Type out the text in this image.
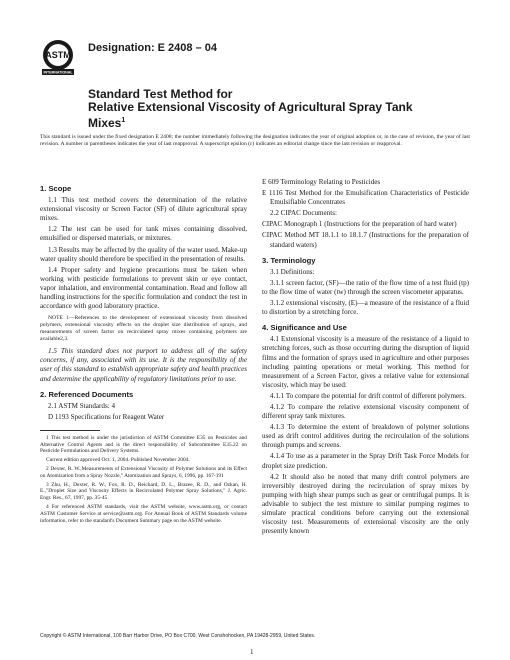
ASTM
INTERNATIONAL
Designation: E 2408 – 04
Standard Test Method for
Relative Extensional Viscosity of Agricultural Spray Tank
Mixes$^1$
This standard is issued under the fixed designation E 2408; the number immediately following the designation indicates the year of original adoption or, in the case of revision, the year of last revision. A number in parentheses indicates the year of last reapproval. A superscript epsilon (ε) indicates an editorial change since the last revision or reapproval.
1. Scope

1.1 This test method covers the determination of the relative extensional viscosity or Screen Factor (SF) of dilute agricultural spray mixes.

1.2 The test can be used for tank mixes containing dissolved, emulsified or dispersed materials, or mixtures.

1.3 Results may be affected by the quality of the water used. Make-up water quality should therefore be specified in the presentation of results.

1.4 Proper safety and hygiene precautions must be taken when working with pesticide formulations to prevent skin or eye contact, vapor inhalation, and environmental contamination. Read and follow all handling instructions for the specific formulation and conduct the test in accordance with good laboratory practice.

NOTE 1—References to the development of extensional viscosity from dissolved polymers, extensional viscosity effects on the droplet size distribution of sprays, and measurements of screen factor on recirculated spray mixes containing polymers are available2,3.

1.5 This standard does not purport to address all of the safety concerns, if any, associated with its use. It is the responsibility of the user of this standard to establish appropriate safety and health practices and determine the applicability of regulatory limitations prior to use.

2. Referenced Documents

2.1 ASTM Standards: 4

D 1193 Specifications for Reagent Water

1 This test method is under the jurisdiction of ASTM Committee E35 on Pesticides and Alternative Control Agents and is the direct responsibility of Subcommittee E35.22 on Pesticide Formulations and Delivery Systems.
Current edition approved Oct. 1, 2004. Published November 2004.
2 Dexter, R. W.,Measurements of Extensional Viscosity of Polymer Solutions and its Effect on Atomization from a Spray Nozzle," Atomization and Sprays, 6, 1996, pp. 167-191
3 Zhu, H., Dexter, R. W., Fox, R. D., Reichard, D. L., Brazee, R. D., and Ozkan, H. E.,"Droplet Size and Viscosity Effects in Recirculated Polymer Spray Solutions," J. Agric. Engr. Res., 67, 1997, pp. 35-45
4 For referenced ASTM standards, visit the ASTM website, www.astm.org, or contact ASTM Customer Service at service@astm.org. For Annual Book of ASTM Standards volume information, refer to the standard's Document Summary page on the ASTM website.

E 609 Terminology Relating to Pesticides

E 1116 Test Method for the Emulsification Characteristics of Pesticide Emulsifiable Concentrates

2.2 CIPAC Documents:

CIPAC Monograph 1 (Instructions for the preparation of hard water)

CIPAC Method MT 18.1.1 to 18.1.7 (Instructions for the preparation of standard waters)

3. Terminology

3.1 Definitions:

3.1.1 screen factor, (SF)—the ratio of the flow time of a test fluid (tp) to the flow time of water (tw) through the screen viscometer apparatus.

3.1.2 extensional viscosity, (E)—a measure of the resistance of a fluid to distortion by a stretching force.

4. Significance and Use

4.1 Extensional viscosity is a measure of the resistance of a liquid to stretching forces, such as those occurring during the disruption of liquid films and the formation of sprays used in agriculture and other purposes including painting operations or metal working. This method for measurement of a Screen Factor, gives a relative value for extensional viscosity, which may be used:

4.1.1 To compare the potential for drift control of different polymers.

4.1.2 To compare the relative extensional viscosity component of different spray tank mixtures.

4.1.3 To determine the extent of breakdown of polymer solutions used as drift control additives during the recirculation of the solutions through pumps and screens.

4.1.4 To use as a parameter in the Spray Drift Task Force Models for droplet size prediction.

4.2 It should also be noted that many drift control polymers are irreversibly destroyed during the recirculation of spray mixes by pumping with high shear pumps such as gear or centrifugal pumps. It is advisable to subject the test mixture to similar pumping regimes to simulate practical conditions before carrying out the extensional viscosity test. Measurements of extensional viscosity are the only presently known

Copyright © ASTM International, 100 Barr Harbor Drive, PO Box C700, West Conshohocken, PA 19428-2959, United States.
1
